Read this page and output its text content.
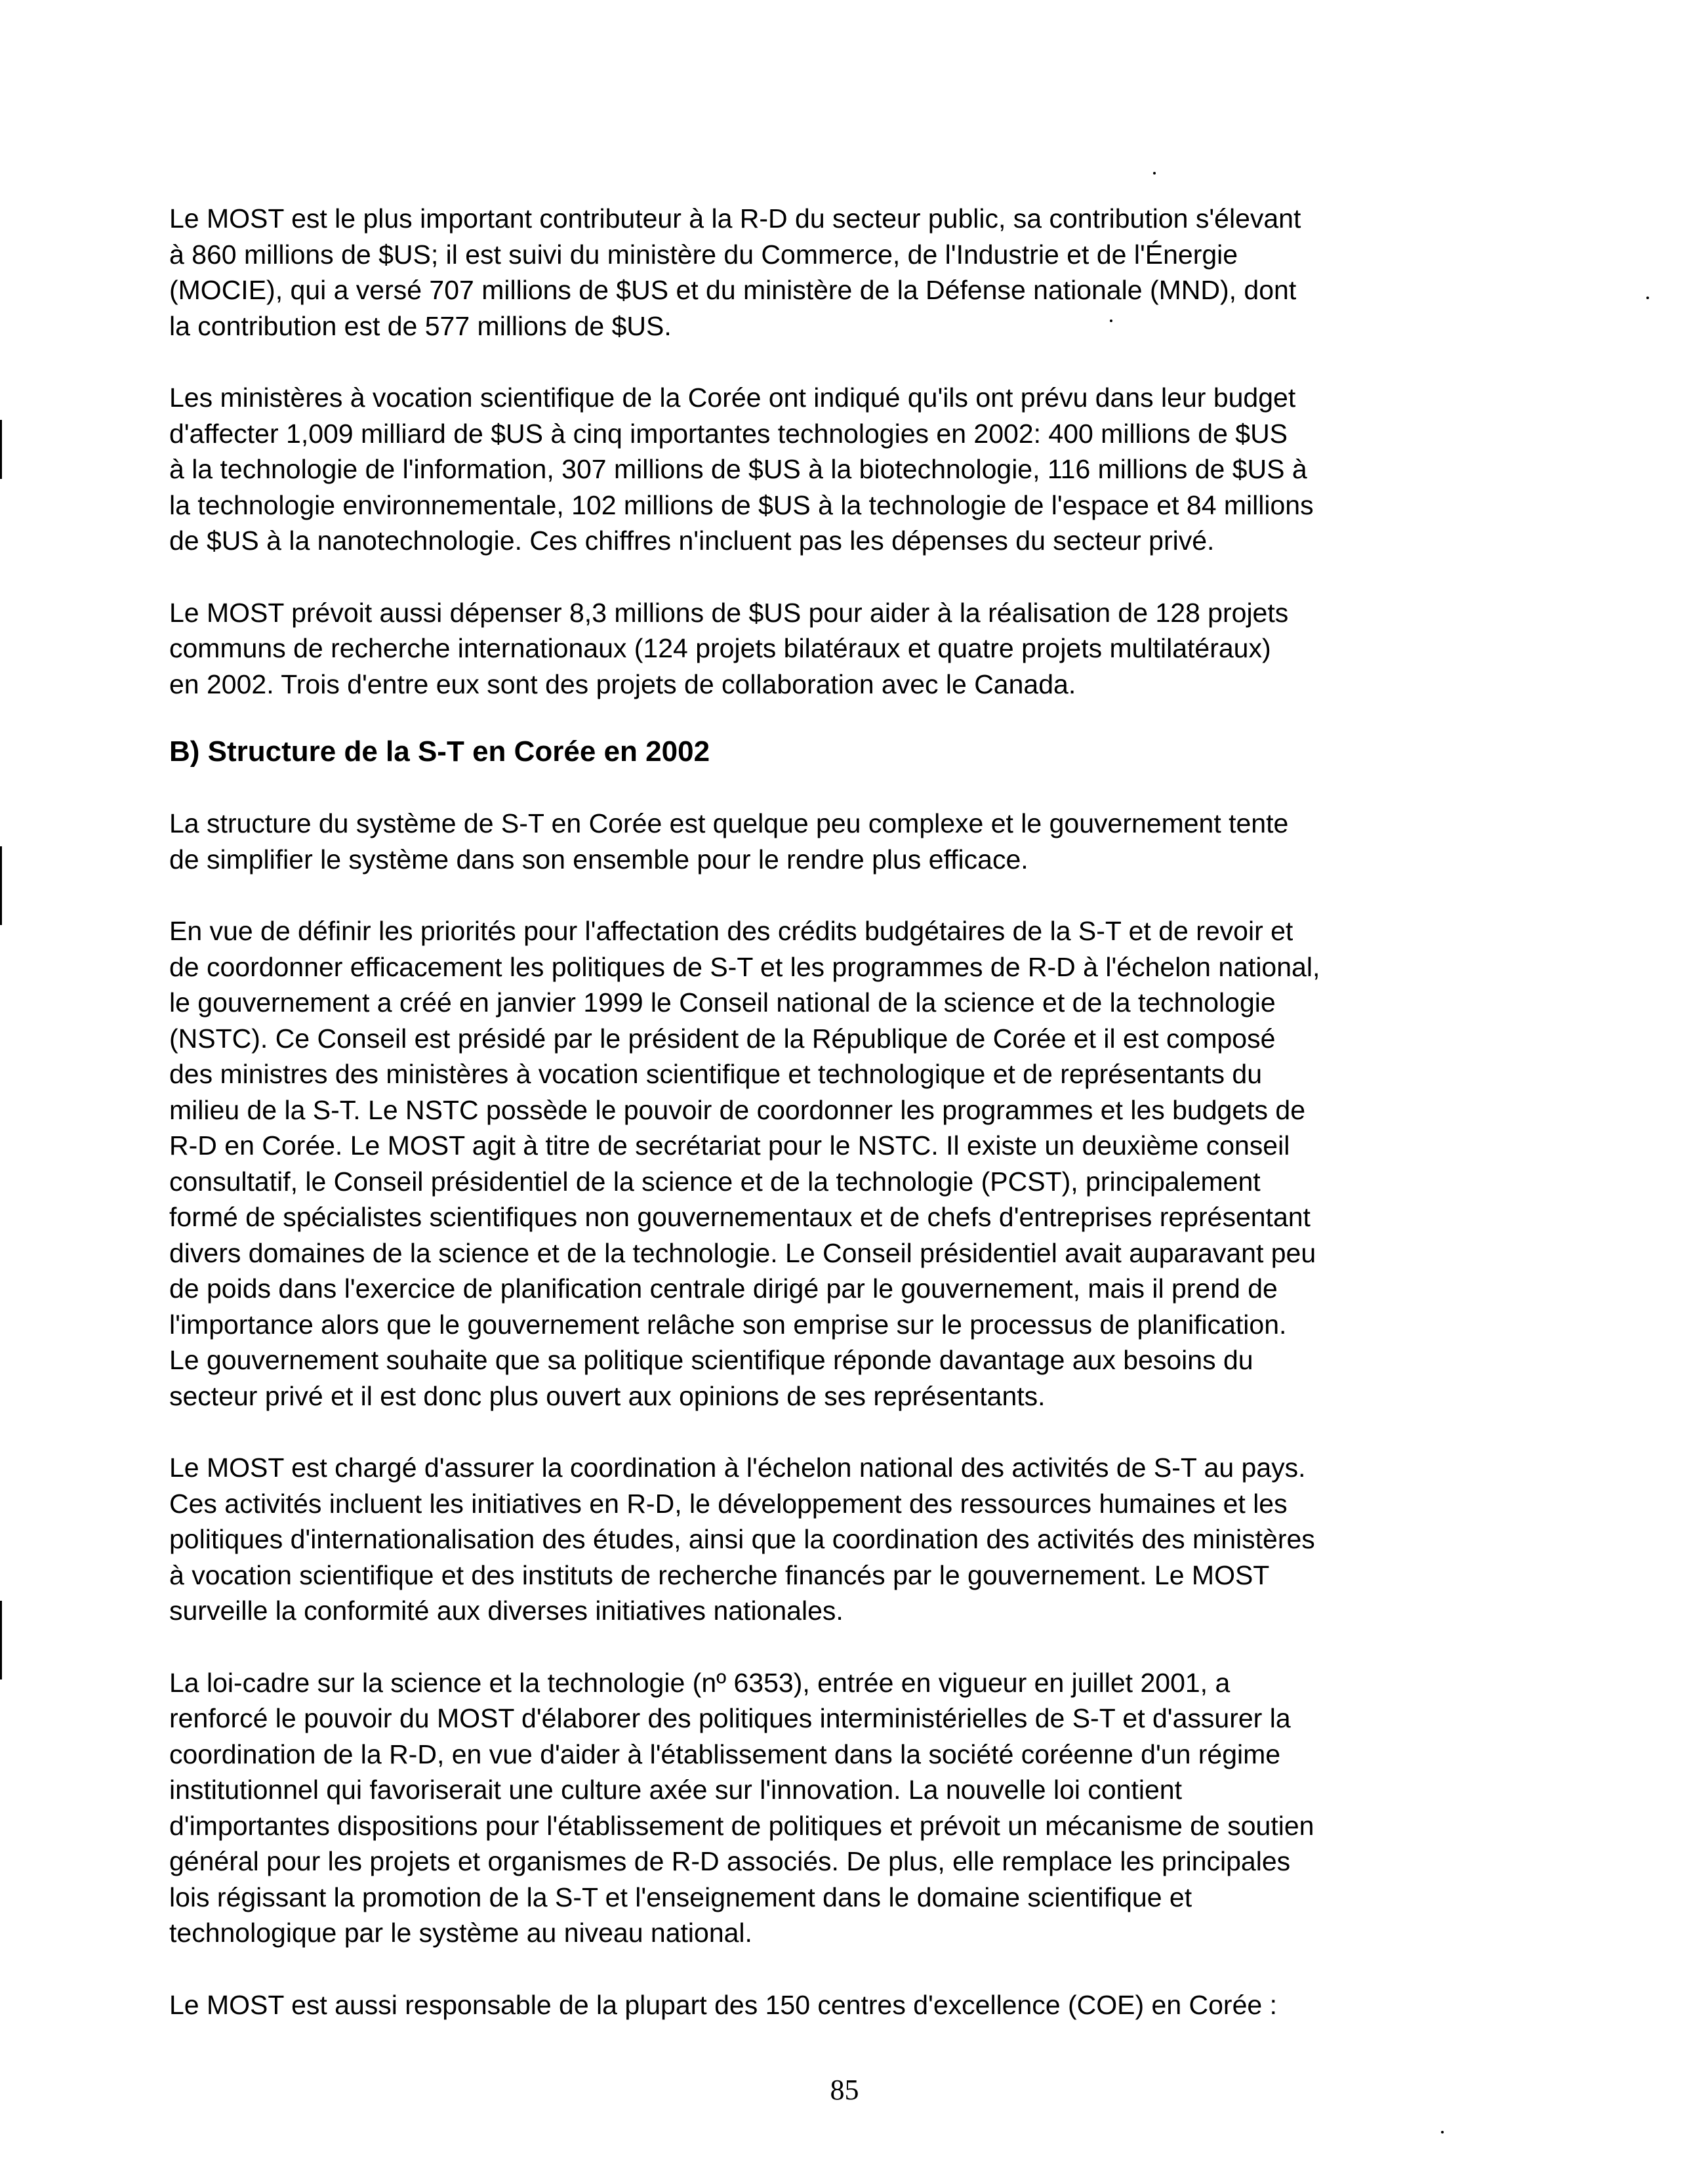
Le MOST est le plus important contributeur à la R-D du secteur public, sa contribution s'élevant
à 860 millions de $US; il est suivi du ministère du Commerce, de l'Industrie et de l'Énergie
(MOCIE), qui a versé 707 millions de $US et du ministère de la Défense nationale (MND), dont
la contribution est de 577 millions de $US.

Les ministères à vocation scientifique de la Corée ont indiqué qu'ils ont prévu dans leur budget
d'affecter 1,009 milliard de $US à cinq importantes technologies en 2002: 400 millions de $US
à la technologie de l'information, 307 millions de $US à la biotechnologie, 116 millions de $US à
la technologie environnementale, 102 millions de $US à la technologie de l'espace et 84 millions
de $US à la nanotechnologie. Ces chiffres n'incluent pas les dépenses du secteur privé.

Le MOST prévoit aussi dépenser 8,3 millions de $US pour aider à la réalisation de 128 projets
communs de recherche internationaux (124 projets bilatéraux et quatre projets multilatéraux)
en 2002. Trois d'entre eux sont des projets de collaboration avec le Canada.

B) Structure de la S-T en Corée en 2002

La structure du système de S-T en Corée est quelque peu complexe et le gouvernement tente
de simplifier le système dans son ensemble pour le rendre plus efficace.

En vue de définir les priorités pour l'affectation des crédits budgétaires de la S-T et de revoir et
de coordonner efficacement les politiques de S-T et les programmes de R-D à l'échelon national,
le gouvernement a créé en janvier 1999 le Conseil national de la science et de la technologie
(NSTC). Ce Conseil est présidé par le président de la République de Corée et il est composé
des ministres des ministères à vocation scientifique et technologique et de représentants du
milieu de la S-T. Le NSTC possède le pouvoir de coordonner les programmes et les budgets de
R-D en Corée. Le MOST agit à titre de secrétariat pour le NSTC. Il existe un deuxième conseil
consultatif, le Conseil présidentiel de la science et de la technologie (PCST), principalement
formé de spécialistes scientifiques non gouvernementaux et de chefs d'entreprises représentant
divers domaines de la science et de la technologie. Le Conseil présidentiel avait auparavant peu
de poids dans l'exercice de planification centrale dirigé par le gouvernement, mais il prend de
l'importance alors que le gouvernement relâche son emprise sur le processus de planification.
Le gouvernement souhaite que sa politique scientifique réponde davantage aux besoins du
secteur privé et il est donc plus ouvert aux opinions de ses représentants.

Le MOST est chargé d'assurer la coordination à l'échelon national des activités de S-T au pays.
Ces activités incluent les initiatives en R-D, le développement des ressources humaines et les
politiques d'internationalisation des études, ainsi que la coordination des activités des ministères
à vocation scientifique et des instituts de recherche financés par le gouvernement. Le MOST
surveille la conformité aux diverses initiatives nationales.

La loi-cadre sur la science et la technologie (nº 6353), entrée en vigueur en juillet 2001, a
renforcé le pouvoir du MOST d'élaborer des politiques interministérielles de S-T et d'assurer la
coordination de la R-D, en vue d'aider à l'établissement dans la société coréenne d'un régime
institutionnel qui favoriserait une culture axée sur l'innovation. La nouvelle loi contient
d'importantes dispositions pour l'établissement de politiques et prévoit un mécanisme de soutien
général pour les projets et organismes de R-D associés. De plus, elle remplace les principales
lois régissant la promotion de la S-T et l'enseignement dans le domaine scientifique et
technologique par le système au niveau national.

Le MOST est aussi responsable de la plupart des 150 centres d'excellence (COE) en Corée :

85
